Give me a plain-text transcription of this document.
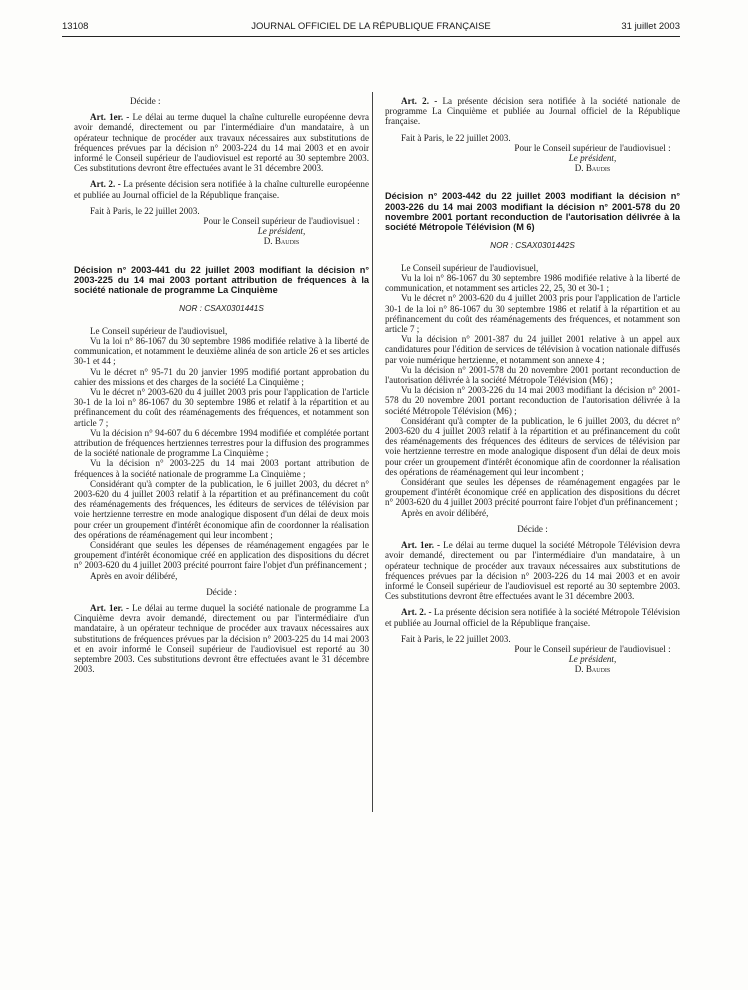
13108	JOURNAL OFFICIEL DE LA RÉPUBLIQUE FRANÇAISE	31 juillet 2003

Décide :

Art. 1er. - Le délai au terme duquel la chaîne culturelle européenne devra avoir demandé, directement ou par l'intermédiaire d'un mandataire, à un opérateur technique de procéder aux travaux nécessaires aux substitutions de fréquences prévues par la décision n° 2003-224 du 14 mai 2003 et en avoir informé le Conseil supérieur de l'audiovisuel est reporté au 30 septembre 2003. Ces substitutions devront être effectuées avant le 31 décembre 2003.

Art. 2. - La présente décision sera notifiée à la chaîne culturelle européenne et publiée au Journal officiel de la République française.

Fait à Paris, le 22 juillet 2003.

Pour le Conseil supérieur de l'audiovisuel :

Le président,

D. Baudis

Décision n° 2003-441 du 22 juillet 2003 modifiant la décision n° 2003-225 du 14 mai 2003 portant attribution de fréquences à la société nationale de programme La Cinquième

NOR : CSAX0301441S

Le Conseil supérieur de l'audiovisuel,

Vu la loi n° 86-1067 du 30 septembre 1986 modifiée relative à la liberté de communication, et notamment le deuxième alinéa de son article 26 et ses articles 30-1 et 44 ;

Vu le décret n° 95-71 du 20 janvier 1995 modifié portant approbation du cahier des missions et des charges de la société La Cinquième ;

Vu le décret n° 2003-620 du 4 juillet 2003 pris pour l'application de l'article 30-1 de la loi n° 86-1067 du 30 septembre 1986 et relatif à la répartition et au préfinancement du coût des réaménagements des fréquences, et notamment son article 7 ;

Vu la décision n° 94-607 du 6 décembre 1994 modifiée et complétée portant attribution de fréquences hertziennes terrestres pour la diffusion des programmes de la société nationale de programme La Cinquième ;

Vu la décision n° 2003-225 du 14 mai 2003 portant attribution de fréquences à la société nationale de programme La Cinquième ;

Considérant qu'à compter de la publication, le 6 juillet 2003, du décret n° 2003-620 du 4 juillet 2003 relatif à la répartition et au préfinancement du coût des réaménagements des fréquences, les éditeurs de services de télévision par voie hertzienne terrestre en mode analogique disposent d'un délai de deux mois pour créer un groupement d'intérêt économique afin de coordonner la réalisation des opérations de réaménagement qui leur incombent ;

Considérant que seules les dépenses de réaménagement engagées par le groupement d'intérêt économique créé en application des dispositions du décret n° 2003-620 du 4 juillet 2003 précité pourront faire l'objet d'un préfinancement ;

Après en avoir délibéré,

Décide :

Art. 1er. - Le délai au terme duquel la société nationale de programme La Cinquième devra avoir demandé, directement ou par l'intermédiaire d'un mandataire, à un opérateur technique de procéder aux travaux nécessaires aux substitutions de fréquences prévues par la décision n° 2003-225 du 14 mai 2003 et en avoir informé le Conseil supérieur de l'audiovisuel est reporté au 30 septembre 2003. Ces substitutions devront être effectuées avant le 31 décembre 2003.

Art. 2. - La présente décision sera notifiée à la société nationale de programme La Cinquième et publiée au Journal officiel de la République française.

Fait à Paris, le 22 juillet 2003.

Pour le Conseil supérieur de l'audiovisuel :

Le président,

D. Baudis

Décision n° 2003-442 du 22 juillet 2003 modifiant la décision n° 2003-226 du 14 mai 2003 modifiant la décision n° 2001-578 du 20 novembre 2001 portant reconduction de l'autorisation délivrée à la société Métropole Télévision (M 6)

NOR : CSAX0301442S

Le Conseil supérieur de l'audiovisuel,

Vu la loi n° 86-1067 du 30 septembre 1986 modifiée relative à la liberté de communication, et notamment ses articles 22, 25, 30 et 30-1 ;

Vu le décret n° 2003-620 du 4 juillet 2003 pris pour l'application de l'article 30-1 de la loi n° 86-1067 du 30 septembre 1986 et relatif à la répartition et au préfinancement du coût des réaménagements des fréquences, et notamment son article 7 ;

Vu la décision n° 2001-387 du 24 juillet 2001 relative à un appel aux candidatures pour l'édition de services de télévision à vocation nationale diffusés par voie numérique hertzienne, et notamment son annexe 4 ;

Vu la décision n° 2001-578 du 20 novembre 2001 portant reconduction de l'autorisation délivrée à la société Métropole Télévision (M6) ;

Vu la décision n° 2003-226 du 14 mai 2003 modifiant la décision n° 2001-578 du 20 novembre 2001 portant reconduction de l'autorisation délivrée à la société Métropole Télévision (M6) ;

Considérant qu'à compter de la publication, le 6 juillet 2003, du décret n° 2003-620 du 4 juillet 2003 relatif à la répartition et au préfinancement du coût des réaménagements des fréquences des éditeurs de services de télévision par voie hertzienne terrestre en mode analogique disposent d'un délai de deux mois pour créer un groupement d'intérêt économique afin de coordonner la réalisation des opérations de réaménagement qui leur incombent ;

Considérant que seules les dépenses de réaménagement engagées par le groupement d'intérêt économique créé en application des dispositions du décret n° 2003-620 du 4 juillet 2003 précité pourront faire l'objet d'un préfinancement ;

Après en avoir délibéré,

Décide :

Art. 1er. - Le délai au terme duquel la société Métropole Télévision devra avoir demandé, directement ou par l'intermédiaire d'un mandataire, à un opérateur technique de procéder aux travaux nécessaires aux substitutions de fréquences prévues par la décision n° 2003-226 du 14 mai 2003 et en avoir informé le Conseil supérieur de l'audiovisuel est reporté au 30 septembre 2003. Ces substitutions devront être effectuées avant le 31 décembre 2003.

Art. 2. - La présente décision sera notifiée à la société Métropole Télévision et publiée au Journal officiel de la République française.

Fait à Paris, le 22 juillet 2003.

Pour le Conseil supérieur de l'audiovisuel :

Le président,

D. Baudis
